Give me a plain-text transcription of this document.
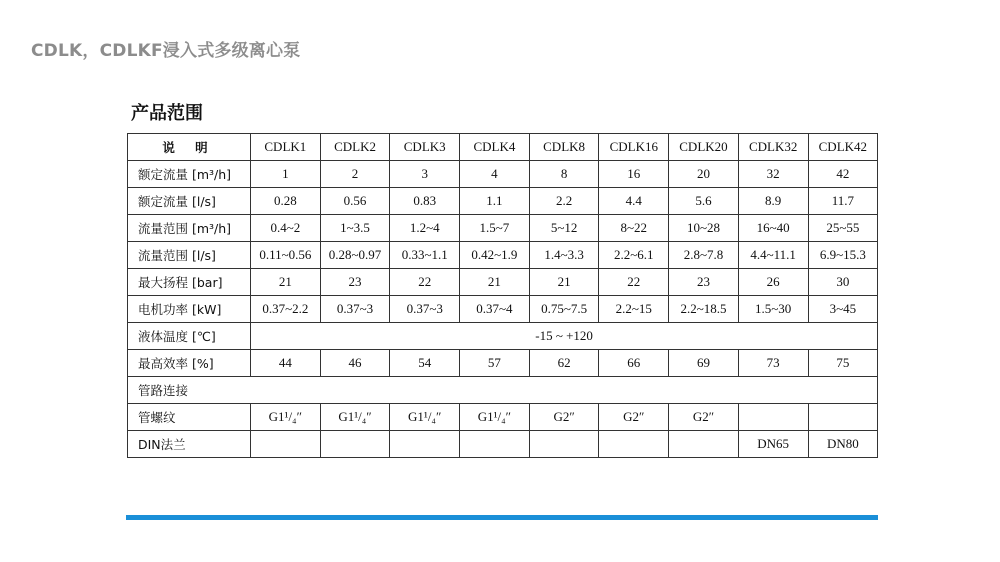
CDLK，CDLKF浸入式多级离心泵
产品范围
说 明	CDLK1	CDLK2	CDLK3	CDLK4	CDLK8	CDLK16	CDLK20	CDLK32	CDLK42
额定流量 [m³/h]	1	2	3	4	8	16	20	32	42
额定流量 [l/s]	0.28	0.56	0.83	1.1	2.2	4.4	5.6	8.9	11.7
流量范围 [m³/h]	0.4~2	1~3.5	1.2~4	1.5~7	5~12	8~22	10~28	16~40	25~55
流量范围 [l/s]	0.11~0.56	0.28~0.97	0.33~1.1	0.42~1.9	1.4~3.3	2.2~6.1	2.8~7.8	4.4~11.1	6.9~15.3
最大扬程 [bar]	21	23	22	21	21	22	23	26	30
电机功率 [kW]	0.37~2.2	0.37~3	0.37~3	0.37~4	0.75~7.5	2.2~15	2.2~18.5	1.5~30	3~45
液体温度 [℃]	-15 ~ +120								
最高效率 [%]	44	46	54	57	62	66	69	73	75
管路连接									
管螺纹	G1¹/₄″	G1¹/₄″	G1¹/₄″	G1¹/₄″	G2″	G2″	G2″		
DIN法兰								DN65	DN80
